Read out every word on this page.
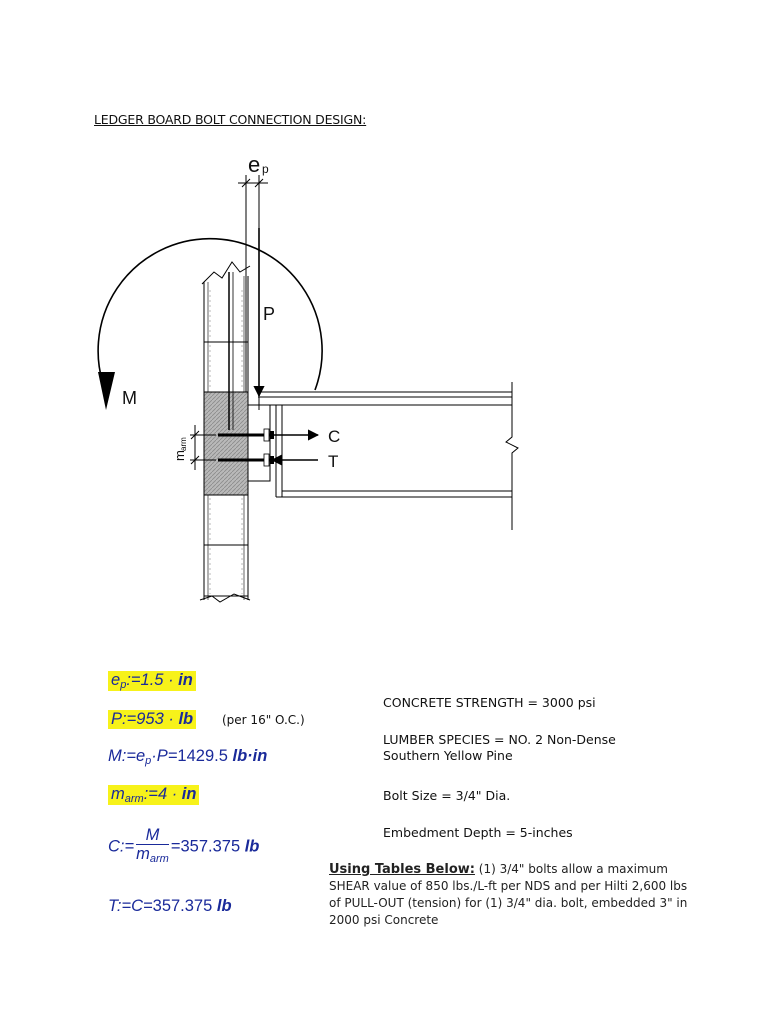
LEDGER BOARD BOLT CONNECTION DESIGN:
e p
P
M
m
arm	C
T
$e_p:=1.5$ · in
P:=953 · lb (per 16" O.C.)
$M:=e_p\cdot P=1429.5$ lb·in
$m_{arm}:=4$ · in
C:= $\frac{M}{m_{arm}} =357.375$ lb
T:=C=357.375 lb
CONCRETE STRENGTH = 3000 psi
LUMBER SPECIES = NO. 2 Non-Dense
Southern Yellow Pine
Bolt Size = 3/4" Dia.
Embedment Depth = 5-inches
Using Tables Below: (1) 3/4" bolts allow a maximum SHEAR value of 850 lbs./L-ft per NDS and per Hilti 2,600 lbs of PULL-OUT (tension) for (1) 3/4" dia. bolt, embedded 3" in 2000 psi Concrete
